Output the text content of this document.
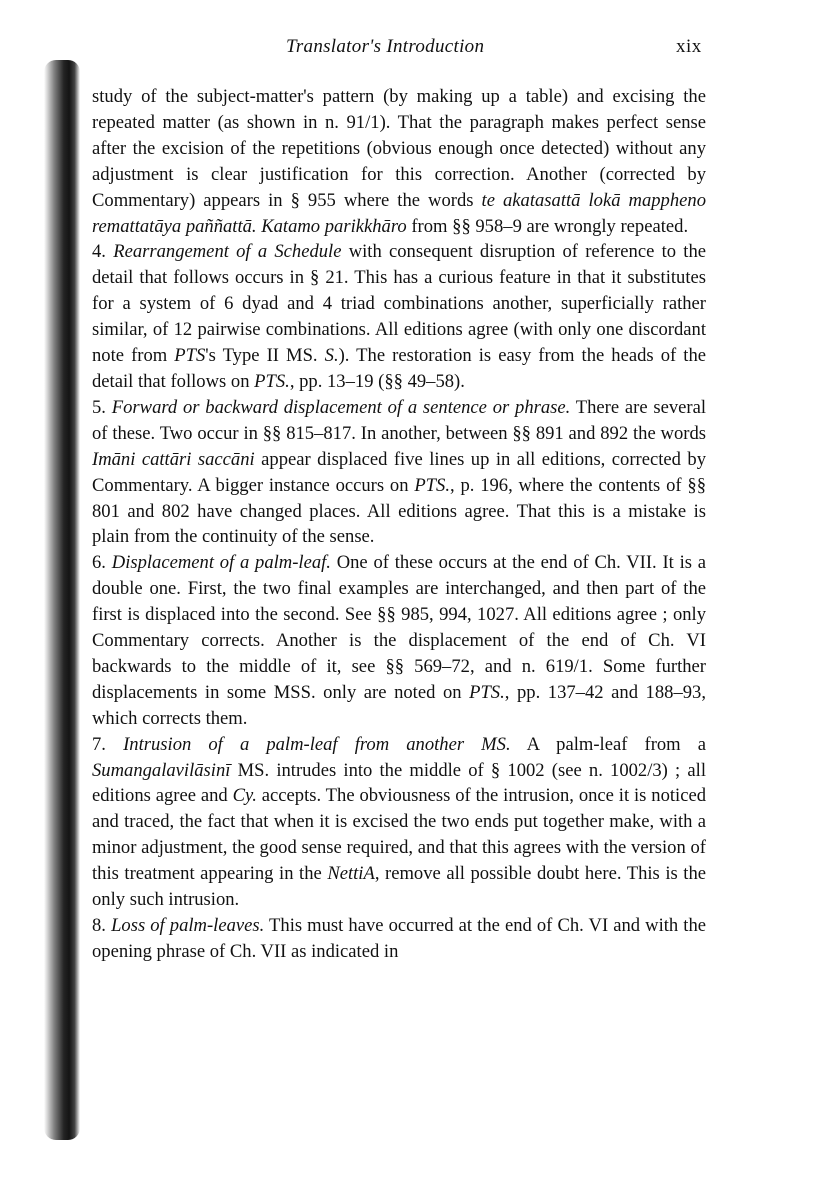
Translator's Introduction	xix

study of the subject-matter's pattern (by making up a table) and excising the repeated matter (as shown in n. 91/1). That the paragraph makes perfect sense after the excision of the repetitions (obvious enough once detected) without any adjustment is clear justification for this correction. Another (corrected by Commentary) appears in § 955 where the words te akatasattā lokā mappheno remattatāya paññattā. Katamo parikkhāro from §§ 958–9 are wrongly repeated.

4. Rearrangement of a Schedule with consequent disruption of reference to the detail that follows occurs in § 21. This has a curious feature in that it substitutes for a system of 6 dyad and 4 triad combinations another, superficially rather similar, of 12 pairwise combinations. All editions agree (with only one discordant note from PTS's Type II MS. S.). The restoration is easy from the heads of the detail that follows on PTS., pp. 13–19 (§§ 49–58).

5. Forward or backward displacement of a sentence or phrase. There are several of these. Two occur in §§ 815–817. In another, between §§ 891 and 892 the words Imāni cattāri saccāni appear displaced five lines up in all editions, corrected by Commentary. A bigger instance occurs on PTS., p. 196, where the contents of §§ 801 and 802 have changed places. All editions agree. That this is a mistake is plain from the continuity of the sense.

6. Displacement of a palm-leaf. One of these occurs at the end of Ch. VII. It is a double one. First, the two final examples are interchanged, and then part of the first is displaced into the second. See §§ 985, 994, 1027. All editions agree ; only Commentary corrects. Another is the displacement of the end of Ch. VI backwards to the middle of it, see §§ 569–72, and n. 619/1. Some further displacements in some MSS. only are noted on PTS., pp. 137–42 and 188–93, which corrects them.

7. Intrusion of a palm-leaf from another MS. A palm-leaf from a Sumangalavilāsinī MS. intrudes into the middle of § 1002 (see n. 1002/3) ; all editions agree and Cy. accepts. The obviousness of the intrusion, once it is noticed and traced, the fact that when it is excised the two ends put together make, with a minor adjustment, the good sense required, and that this agrees with the version of this treatment appearing in the NettiA, remove all possible doubt here. This is the only such intrusion.

8. Loss of palm-leaves. This must have occurred at the end of Ch. VI and with the opening phrase of Ch. VII as indicated in
